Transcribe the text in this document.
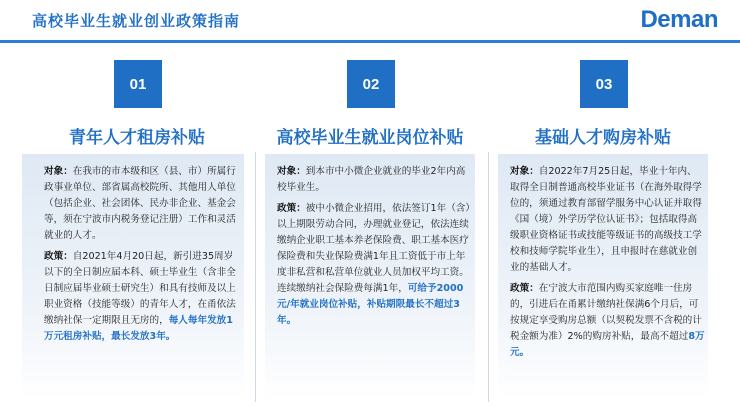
高校毕业生就业创业政策指南	Deman
01
青年人才租房补贴

对象：在我市的市本级和区（县、市）所属行政事业单位、部省属高校院所、其他用人单位（包括企业、社会团体、民办非企业、基金会等，须在宁波市内税务登记注册）工作和灵活就业的人才。

政策：自2021年4月20日起，新引进35周岁以下的全日制应届本科、硕士毕业生（含非全日制应届毕业硕士研究生）和具有技师及以上职业资格（技能等级）的青年人才，在甬依法缴纳社保一定期限且无房的，每人每年发放1万元租房补贴，最长发放3年。

02
高校毕业生就业岗位补贴

对象：到本市中小微企业就业的毕业2年内高校毕业生。

政策：被中小微企业招用，依法签订1年（含）以上期限劳动合同，办理就业登记，依法连续缴纳企业职工基本养老保险费、职工基本医疗保险费和失业保险费满1年且工资低于市上年度非私营和私营单位就业人员加权平均工资。连续缴纳社会保险费每满1年，可给予2000元/年就业岗位补贴，补贴期限最长不超过3年。

03
基础人才购房补贴

对象：自2022年7月25日起，毕业十年内、取得全日制普通高校毕业证书（在海外取得学位的，须通过教育部留学服务中心认证并取得《国（境）外学历学位认证书》；包括取得高级职业资格证书或技能等级证书的高级技工学校和技师学院毕业生），且申报时在慈就业创业的基础人才。

政策：在宁波大市范围内购买家庭唯一住房的，引进后在甬累计缴纳社保满6个月后，可按规定享受购房总额（以契税发票不含税的计税金额为准）2%的购房补贴，最高不超过8万元。
